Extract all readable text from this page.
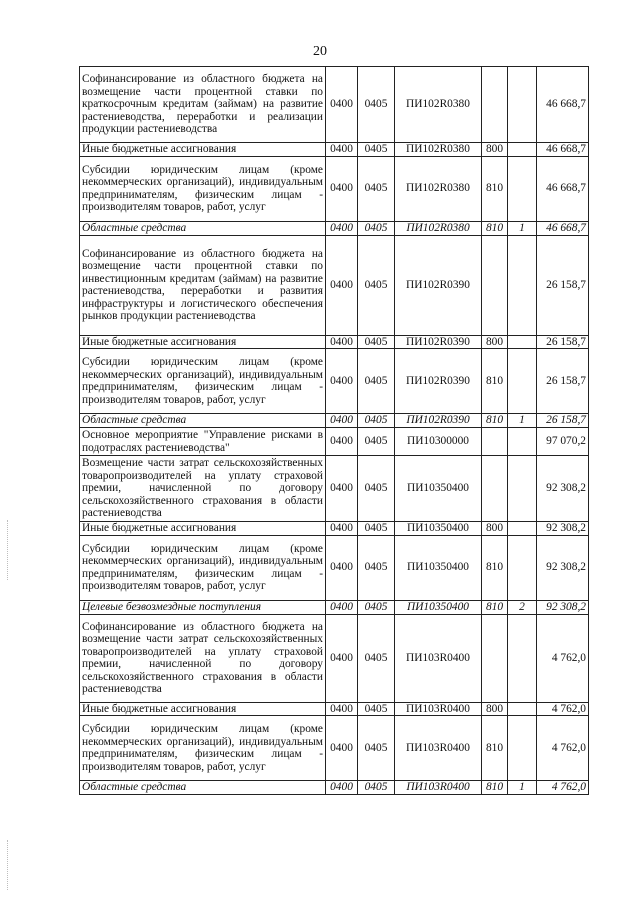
20
Софинансирование из областного бюджета на возмещение части процентной ставки по краткосрочным кредитам (займам) на развитие растениеводства, переработки и реализации продукции растениеводства	0400	0405	ПИ102R0380			46 668,7
Иные бюджетные ассигнования	0400	0405	ПИ102R0380	800		46 668,7
Субсидии юридическим лицам (кроме некоммерческих организаций), индивидуальным предпринимателям, физическим лицам - производителям товаров, работ, услуг	0400	0405	ПИ102R0380	810		46 668,7
Областные средства	0400	0405	ПИ102R0380	810	1	46 668,7
Софинансирование из областного бюджета на возмещение части процентной ставки по инвестиционным кредитам (займам) на развитие растениеводства, переработки и развития инфраструктуры и логистического обеспечения рынков продукции растениеводства	0400	0405	ПИ102R0390			26 158,7
Иные бюджетные ассигнования	0400	0405	ПИ102R0390	800		26 158,7
Субсидии юридическим лицам (кроме некоммерческих организаций), индивидуальным предпринимателям, физическим лицам - производителям товаров, работ, услуг	0400	0405	ПИ102R0390	810		26 158,7
Областные средства	0400	0405	ПИ102R0390	810	1	26 158,7
Основное мероприятие "Управление рисками в подотраслях растениеводства"	0400	0405	ПИ10300000			97 070,2
Возмещение части затрат сельскохозяйственных товаропроизводителей на уплату страховой премии, начисленной по договору сельскохозяйственного страхования в области растениеводства	0400	0405	ПИ10350400			92 308,2
Иные бюджетные ассигнования	0400	0405	ПИ10350400	800		92 308,2
Субсидии юридическим лицам (кроме некоммерческих организаций), индивидуальным предпринимателям, физическим лицам - производителям товаров, работ, услуг	0400	0405	ПИ10350400	810		92 308,2
Целевые безвозмездные поступления	0400	0405	ПИ10350400	810	2	92 308,2
Софинансирование из областного бюджета на возмещение части затрат сельскохозяйственных товаропроизводителей на уплату страховой премии, начисленной по договору сельскохозяйственного страхования в области растениеводства	0400	0405	ПИ103R0400			4 762,0
Иные бюджетные ассигнования	0400	0405	ПИ103R0400	800		4 762,0
Субсидии юридическим лицам (кроме некоммерческих организаций), индивидуальным предпринимателям, физическим лицам - производителям товаров, работ, услуг	0400	0405	ПИ103R0400	810		4 762,0
Областные средства	0400	0405	ПИ103R0400	810	1	4 762,0
